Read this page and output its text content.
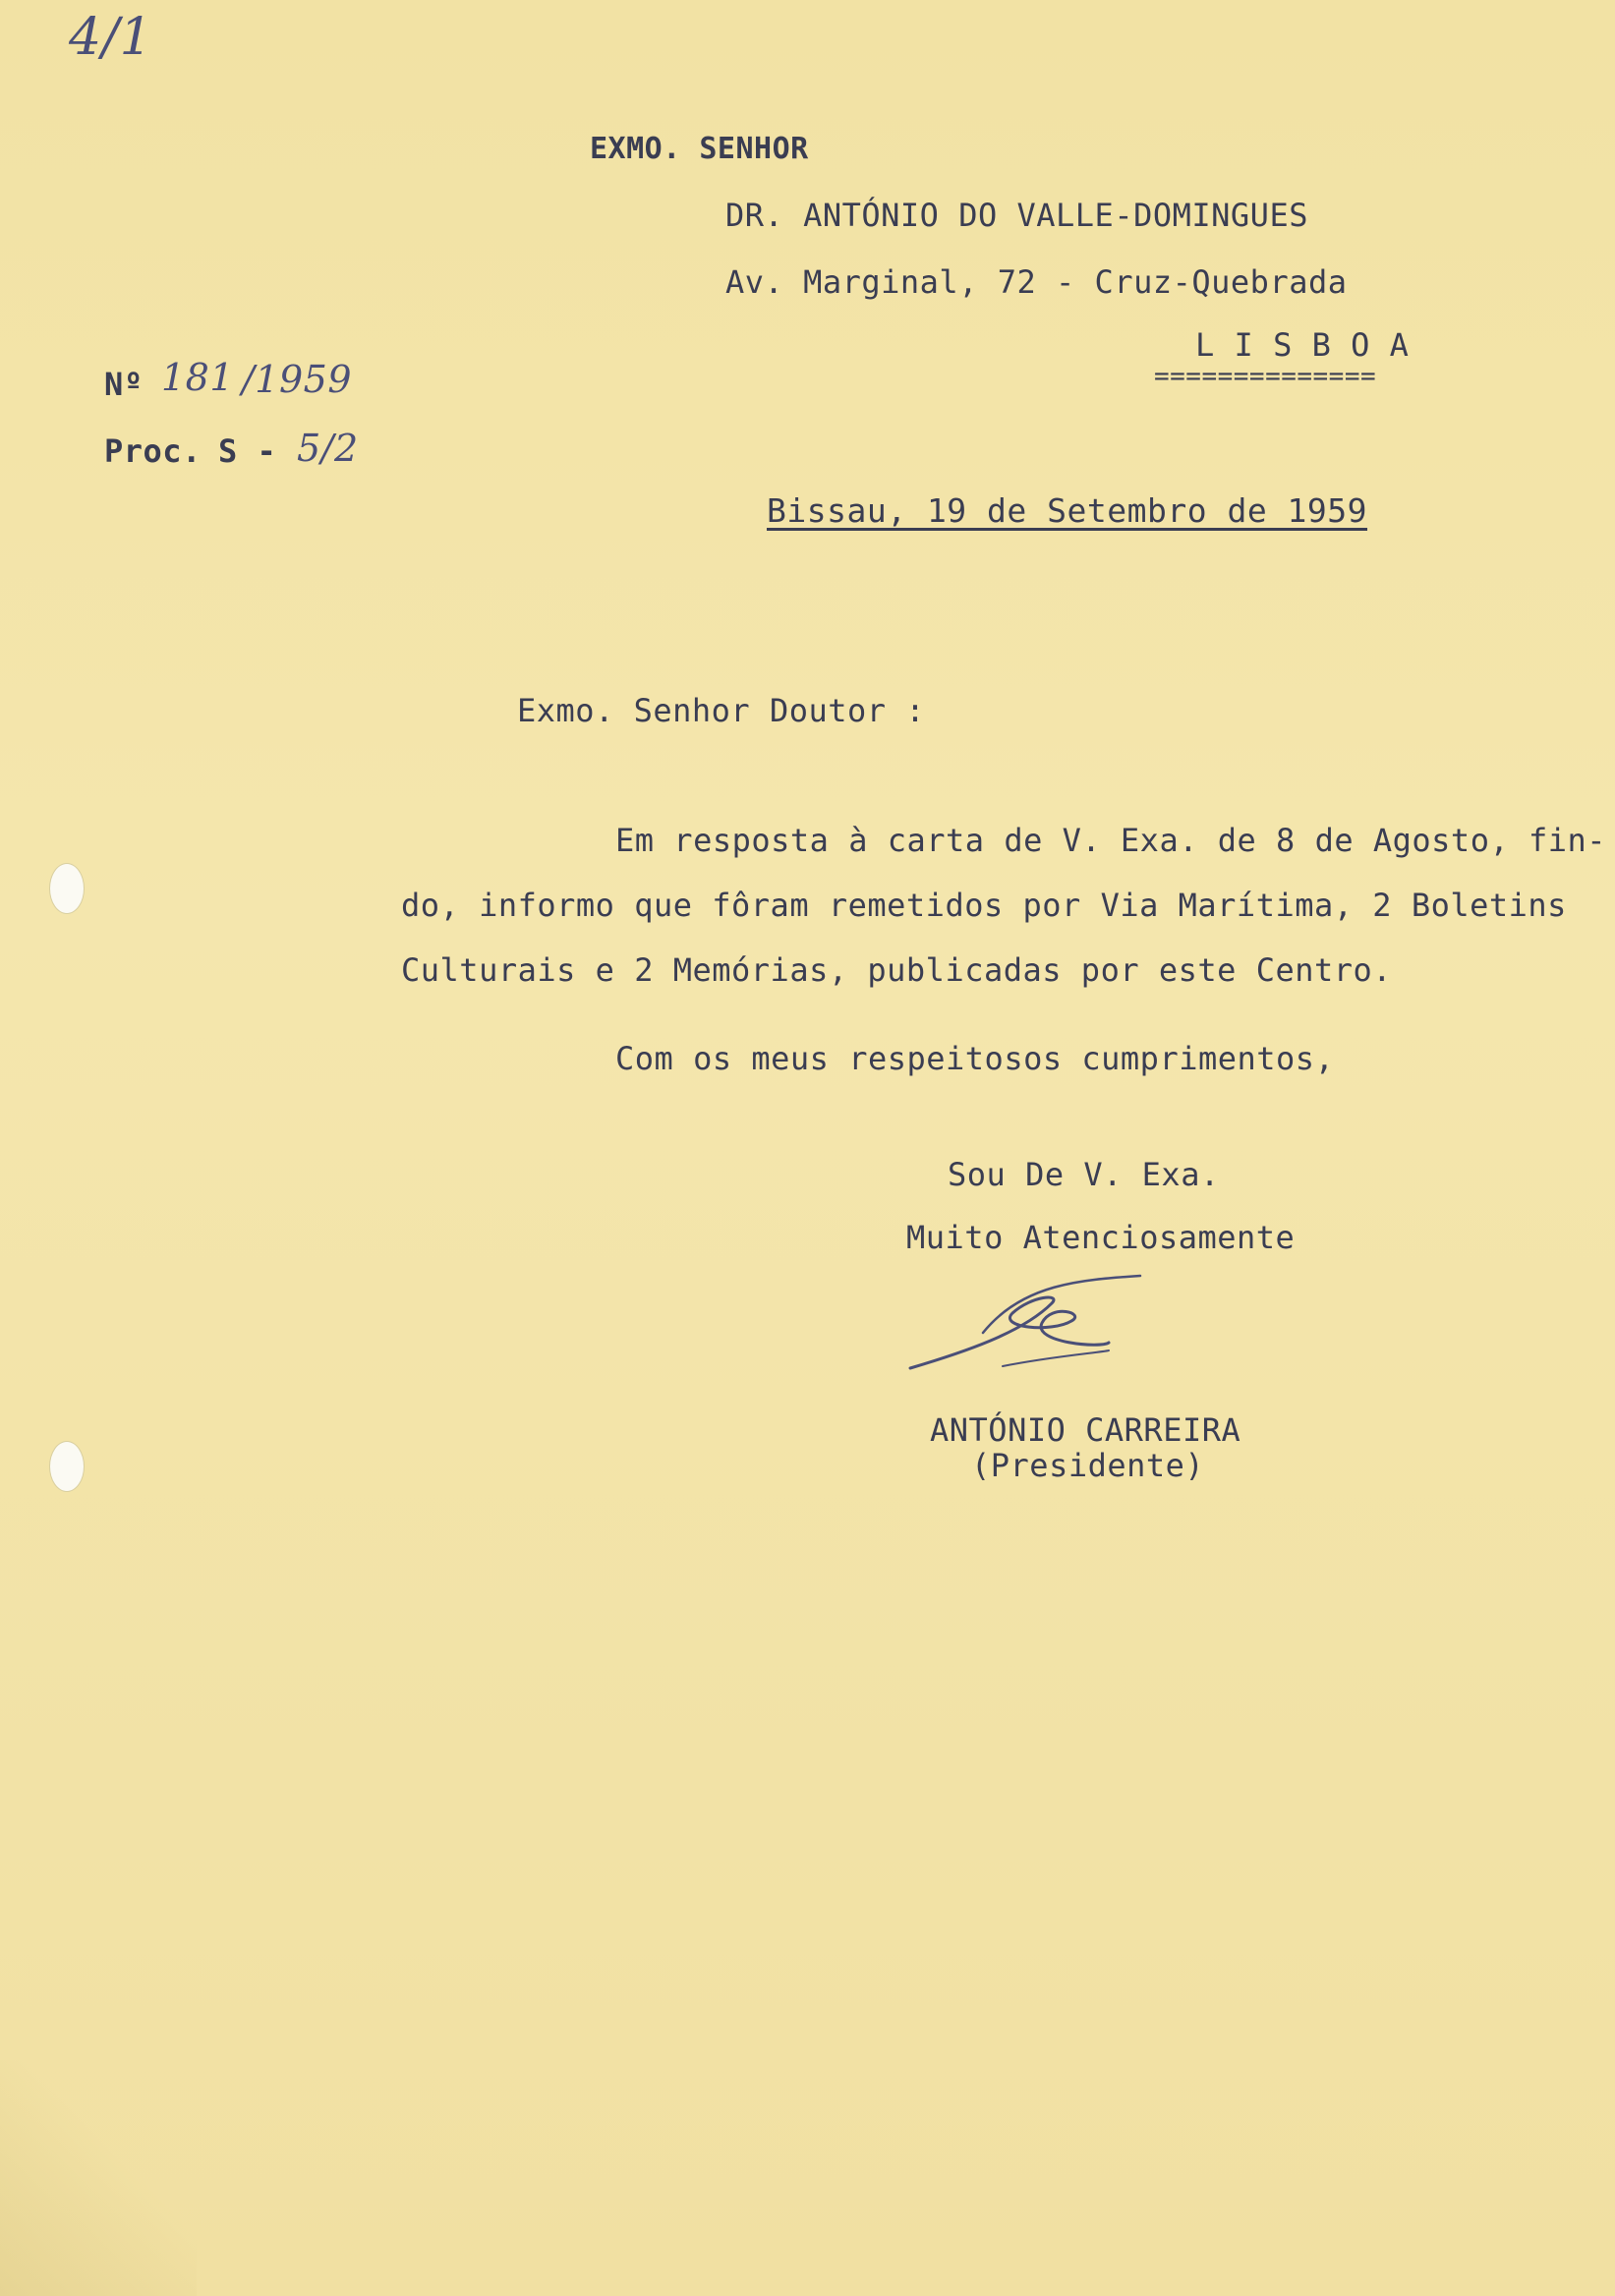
4/1
EXMO. SENHOR
DR. ANTÓNIO DO VALLE-DOMINGUES
Av. Marginal, 72 - Cruz-Quebrada
L I S B O A
==============
Nº 181 /1959
Proc. S - 5/2
Bissau, 19 de Setembro de 1959
Exmo. Senhor Doutor :
Em resposta à carta de V. Exa. de 8 de Agosto, fin-
do, informo que fôram remetidos por Via Marítima, 2 Boletins
Culturais e 2 Memórias, publicadas por este Centro.
Com os meus respeitosos cumprimentos,
Sou De V. Exa.
Muito Atenciosamente
ANTÓNIO CARREIRA
(Presidente)
